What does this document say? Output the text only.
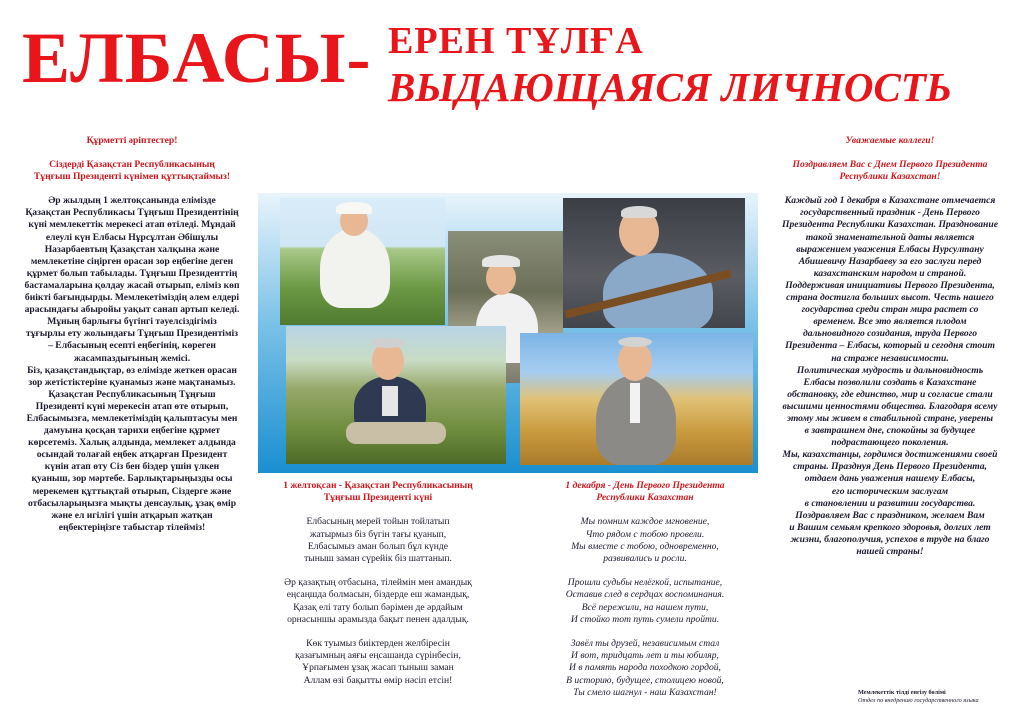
ЕЛБАСЫ- ЕРЕН ТҰЛҒА
ВЫДАЮЩАЯСЯ ЛИЧНОСТЬ

Құрметті әріптестер!

Сіздерді Қазақстан Республикасының

Тұңғыш Президенті күнімен құттықтаймыз!

Әр жылдың 1 желтоқсанында елімізде

Қазақстан Республикасы Тұңғыш Президентінің

күні мемлекеттік мерекесі атап өтіледі. Мұндай

елеулі күн Елбасы Нұрсұлтан Әбішұлы

Назарбаевтың Қазақстан халқына және

мемлекетіне сіңірген орасан зор еңбегіне деген

құрмет болып табылады. Тұңғыш Президенттің

бастамаларына қолдау жасай отырып, еліміз көп

биікті бағындырды. Мемлекетіміздің әлем елдері

арасындағы абыройы уақыт санап артып келеді.

Мұның барлығы бүгінгі тәуелсіздігіміз

тұғырлы ету жолындағы Тұңғыш Президентіміз

– Елбасының есепті еңбегінің, көреген

жасампаздығының жемісі.

Біз, қазақстандықтар, өз елімізде жеткен орасан

зор жетістіктеріне қуанамыз және мақтанамыз.

Қазақстан Республикасының Тұңғыш

Президенті күні мерекесін атап өте отырып,

Елбасымызға, мемлекетіміздің қалыптасуы мен

дамуына қосқан тарихи еңбегіне құрмет

көрсетеміз. Халық алдында, мемлекет алдында

осындай толағай еңбек атқарған Президент

күнін атап өту Сіз бен біздер үшін үлкен

қуаныш, зор мәртебе. Барлықтарыңызды осы

мерекемен құттықтай отырып, Сіздерге және

отбасыларыңызға мықты денсаулық, ұзақ өмір

және ел игілігі үшін атқарып жатқан

еңбектеріңізге табыстар тілейміз!

Уважаемые коллеги!

Поздравляем Вас с Днем Первого Президента

Республики Казахстан!

Каждый год 1 декабря в Казахстане отмечается

государственный праздник - День Первого

Президента Республики Казахстан. Празднование

такой знаменательной даты является

выражением уважения Елбасы Нурсултану

Абишевичу Назарбаеву за его заслуги перед

казахстанским народом и страной.

Поддерживая инициативы Первого Президента,

страна достигла больших высот. Честь нашего

государства среди стран мира растет со

временем. Все это является плодом

дальновидного созидания, труда Первого

Президента – Елбасы, который и сегодня стоит

на страже независимости.

Политическая мудрость и дальновидность

Елбасы позволили создать в Казахстане

обстановку, где единство, мир и согласие стали

высшими ценностями общества. Благодаря всему

этому мы живем в стабильной стране, уверены

в завтрашнем дне, спокойны за будущее

подрастающего поколения.

Мы, казахстанцы, гордимся достижениями своей

страны. Празднуя День Первого Президента,

отдаем дань уважения нашему Елбасы,

его историческим заслугам

в становлении и развитии государства.

Поздравляем Вас с праздником, желаем Вам

и Вашим семьям крепкого здоровья, долгих лет

жизни, благополучия, успехов в труде на благо

нашей страны!

1 желтоқсан - Қазақстан Республикасының

Тұңғыш Президенті күні

Елбасының мерей тойын тойлатып

жатырмыз біз бүгін тағы қуанып,

Елбасымыз аман болып бұл күнде

тыныш заман сүрейік біз шаттанып.

Әр қазақтың отбасына, тілеймін мен амандық

еңсаңшда болмасын, біздерде еш жамандық,

Қазақ елі тату болып бәрімен де әрдайым

орнасыншы арамызда бақыт пенен адалдық.

Көк туымыз биіктерден желбіресін

қазағымның аяғы еңсашанда сүрінбесін,

Ұрпағымен ұзақ жасап тыныш заман

Аллам өзі бақытты өмір нәсіп етсін!

1 декабря - День Первого Президента

Республики Казахстан

Мы помним каждое мгновение,

Что рядом с тобою провели.

Мы вместе с тобою, одновременно,

развивались и росли.

Прошли судьбы нелёгкой, испытание,

Оставив след в сердцах воспоминания.

Всё пережили, на нашем пути,

И стойко тот путь сумели пройти.

Завёл ты друзей, независимым стал

И вот, тридцать лет и ты юбиляр,

И в память народа походкою гордой,

В историю, будущее, столицею новой,

Ты смело шагнул - наш Казахстан!	Мемлекеттік тілді енгізу бөлімі

Отдел по внедрению государственного языка
